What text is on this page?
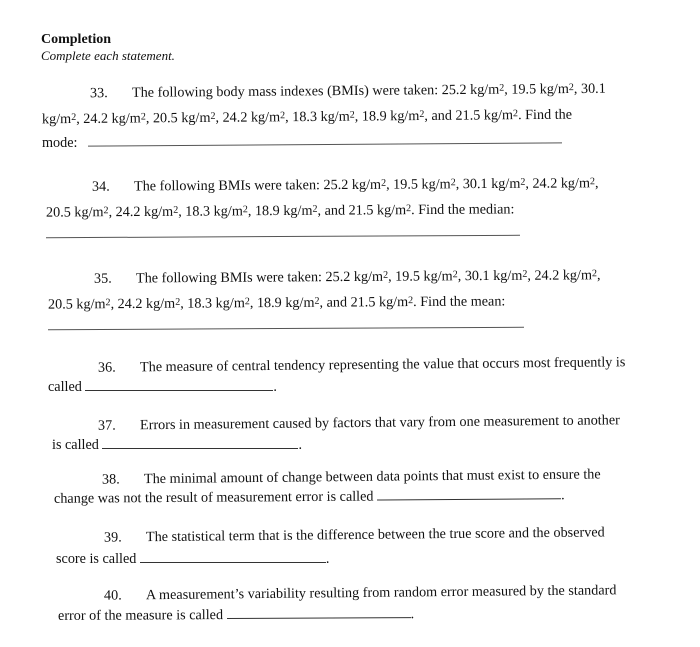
Completion
Complete each statement.
33. The following body mass indexes (BMIs) were taken: 25.2 $kg/m^2$, 19.5 $kg/m^2$, 30.1
$kg/m^2$, 24.2 $kg/m^2$, 20.5 $kg/m^2$, 24.2 $kg/m^2$, 18.3 $kg/m^2$, 18.9 $kg/m^2$, and 21.5 $kg/m^2$. Find the
mode:
34. The following BMIs were taken: 25.2 $kg/m^2$, 19.5 $kg/m^2$, 30.1 $kg/m^2$, 24.2 $kg/m^2$,
20.5 $kg/m^2$, 24.2 $kg/m^2$, 18.3 $kg/m^2$, 18.9 $kg/m^2$, and 21.5 $kg/m^2$. Find the median:
35. The following BMIs were taken: 25.2 $kg/m^2$, 19.5 $kg/m^2$, 30.1 $kg/m^2$, 24.2 $kg/m^2$,
20.5 $kg/m^2$, 24.2 $kg/m^2$, 18.3 $kg/m^2$, 18.9 $kg/m^2$, and 21.5 $kg/m^2$. Find the mean:
36. The measure of central tendency representing the value that occurs most frequently is
called	.
37. Errors in measurement caused by factors that vary from one measurement to another
is called	.
38. The minimal amount of change between data points that must exist to ensure the
change was not the result of measurement error is called	.
39. The statistical term that is the difference between the true score and the observed
score is called	.
40. A measurement’s variability resulting from random error measured by the standard
error of the measure is called	.
